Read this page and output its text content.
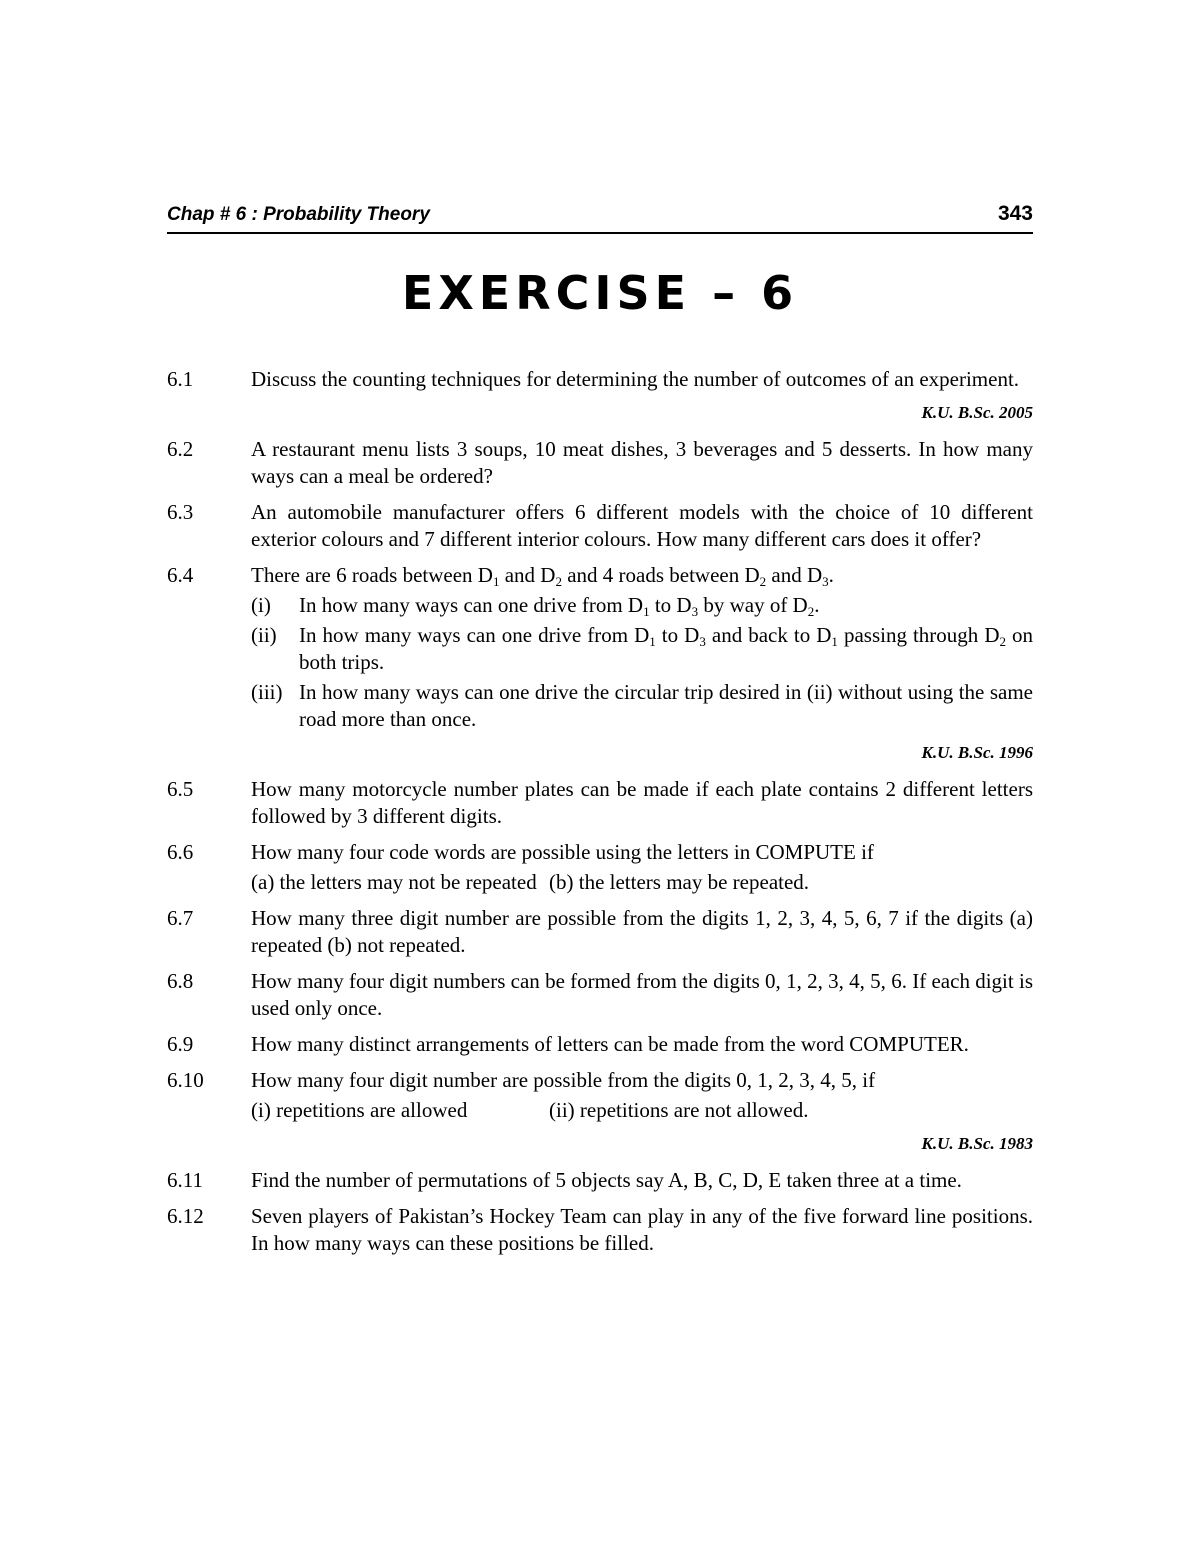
Chap # 6 : Probability Theory	343
EXERCISE – 6
6.1	Discuss the counting techniques for determining the number of outcomes of an experiment.
K.U. B.Sc. 2005
6.2	A restaurant menu lists 3 soups, 10 meat dishes, 3 beverages and 5 desserts. In how many ways can a meal be ordered?
6.3	An automobile manufacturer offers 6 different models with the choice of 10 different exterior colours and 7 different interior colours. How many different cars does it offer?
6.4	There are 6 roads between $D_1$ and $D_2$ and 4 roads between $D_2$ and $D_3$.
(i) In how many ways can one drive from $D_1$ to $D_3$ by way of $D_2$.
(ii) In how many ways can one drive from $D_1$ to $D_3$ and back to $D_1$ passing through $D_2$ on both trips.
(iii) In how many ways can one drive the circular trip desired in (ii) without using the same road more than once.
K.U. B.Sc. 1996
6.5	How many motorcycle number plates can be made if each plate contains 2 different letters followed by 3 different digits.
6.6	How many four code words are possible using the letters in COMPUTE if
(a) the letters may not be repeated (b) the letters may be repeated.
6.7	How many three digit number are possible from the digits 1, 2, 3, 4, 5, 6, 7 if the digits (a) repeated (b) not repeated.
6.8	How many four digit numbers can be formed from the digits 0, 1, 2, 3, 4, 5, 6. If each digit is used only once.
6.9	How many distinct arrangements of letters can be made from the word COMPUTER.
6.10 How many four digit number are possible from the digits 0, 1, 2, 3, 4, 5, if
(i) repetitions are allowed	(ii) repetitions are not allowed.
K.U. B.Sc. 1983
6.11 Find the number of permutations of 5 objects say A, B, C, D, E taken three at a time.
6.12 Seven players of Pakistan’s Hockey Team can play in any of the five forward line positions. In how many ways can these positions be filled.
